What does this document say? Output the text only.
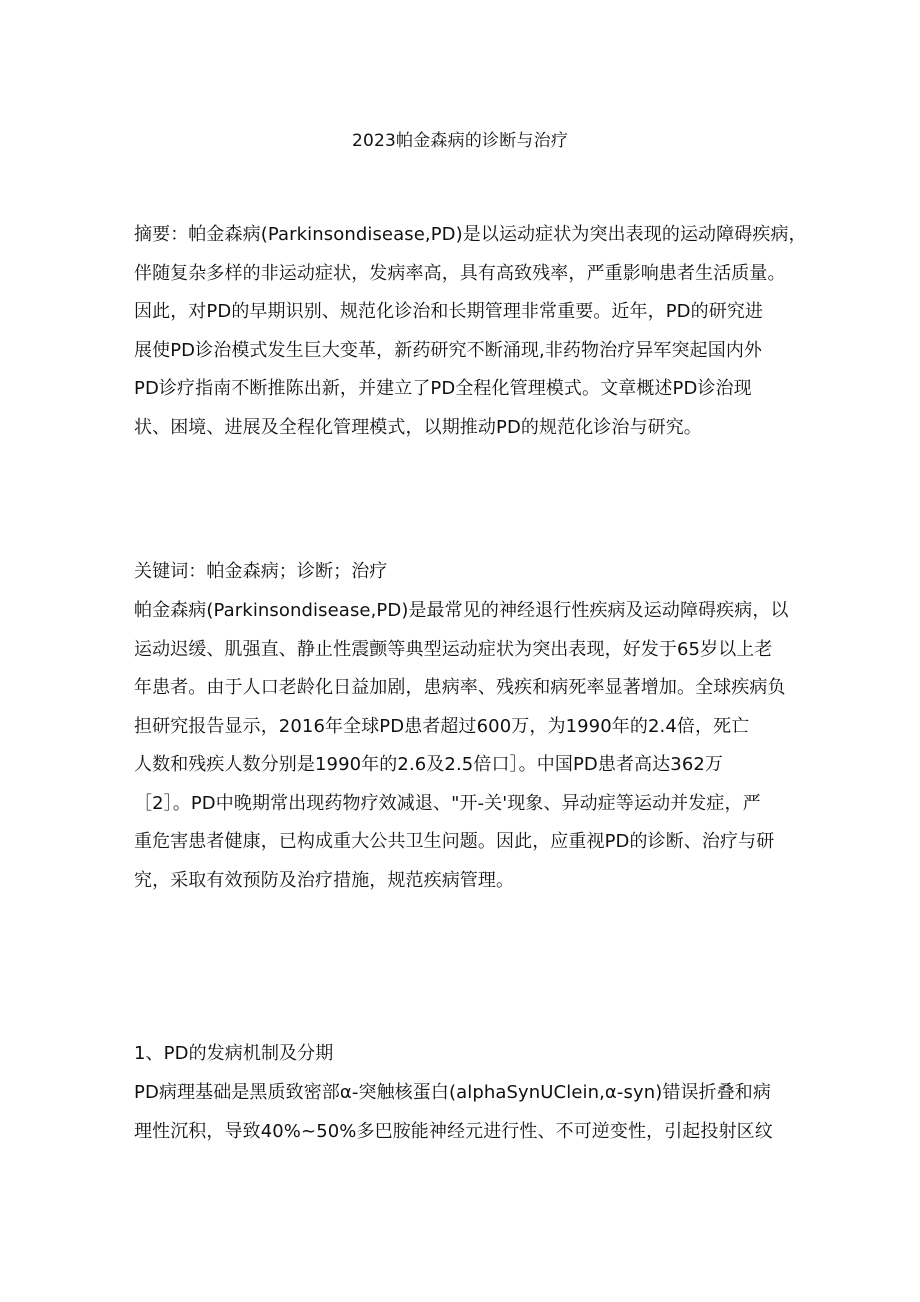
2023帕金森病的诊断与治疗
摘要：帕金森病(Parkinsondisease,PD)是以运动症状为突出表现的运动障碍疾病，
伴随复杂多样的非运动症状，发病率高，具有高致残率，严重影响患者生活质量。
因此，对PD的早期识别、规范化诊治和长期管理非常重要。近年，PD的研究进
展使PD诊治模式发生巨大变革，新药研究不断涌现,非药物治疗异军突起国内外
PD诊疗指南不断推陈出新，并建立了PD全程化管理模式。文章概述PD诊治现
状、困境、进展及全程化管理模式，以期推动PD的规范化诊治与研究。
关键词：帕金森病；诊断；治疗
帕金森病(Parkinsondisease,PD)是最常见的神经退行性疾病及运动障碍疾病，以
运动迟缓、肌强直、静止性震颤等典型运动症状为突出表现，好发于65岁以上老
年患者。由于人口老龄化日益加剧，患病率、残疾和病死率显著增加。全球疾病负
担研究报告显示，2016年全球PD患者超过600万，为1990年的2.4倍，死亡
人数和残疾人数分别是1990年的2.6及2.5倍口］。中国PD患者高达362万
［2］。PD中晚期常出现药物疗效减退、"开-关'现象、异动症等运动并发症，严
重危害患者健康，已构成重大公共卫生问题。因此，应重视PD的诊断、治疗与研
究，采取有效预防及治疗措施，规范疾病管理。
1、PD的发病机制及分期
PD病理基础是黑质致密部α-突触核蛋白(alphaSynUClein,α-syn)错误折叠和病
理性沉积，导致40%~50%多巴胺能神经元进行性、不可逆变性，引起投射区纹
